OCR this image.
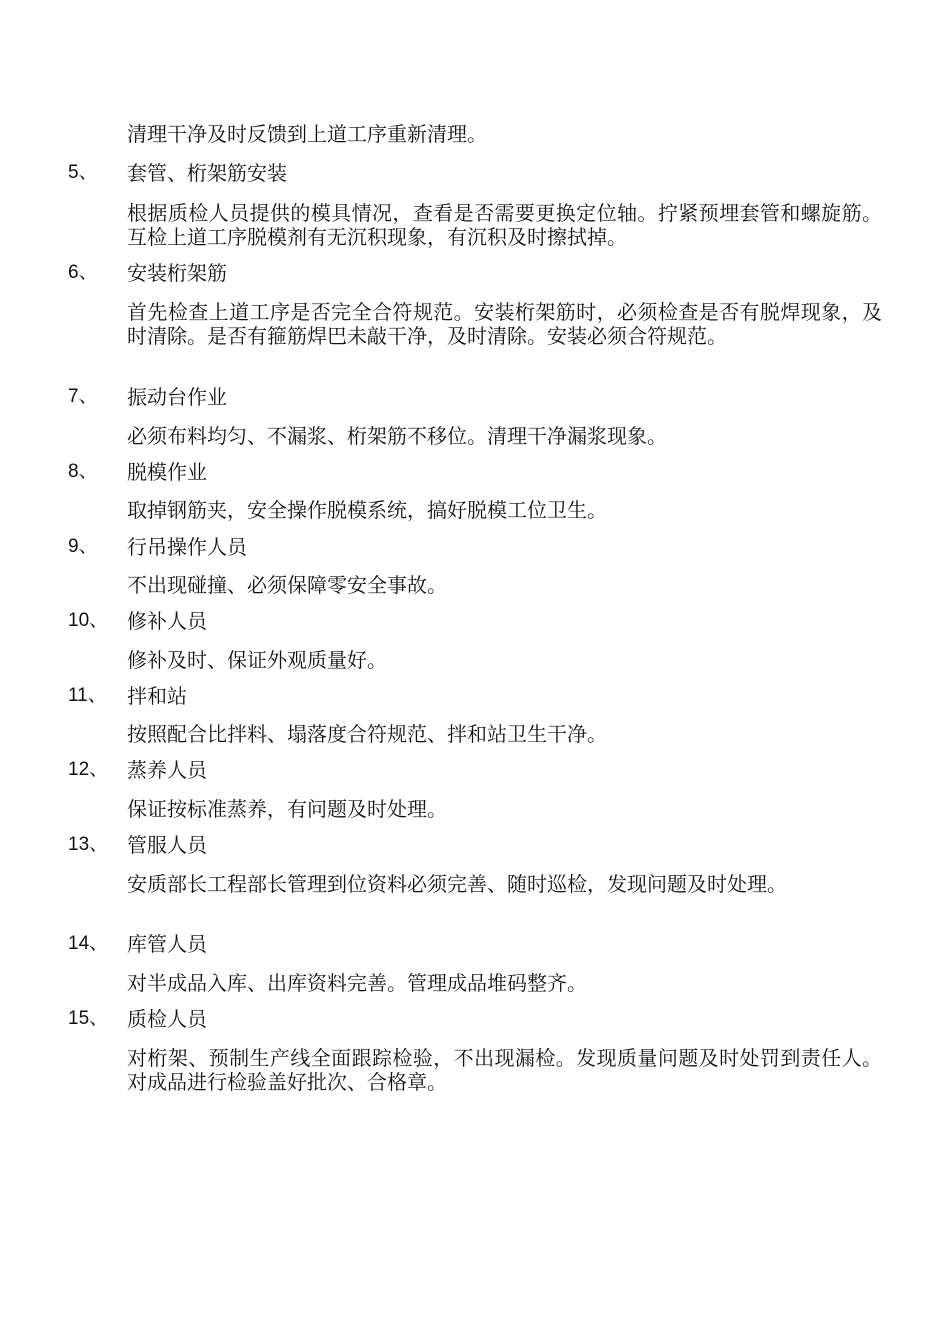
清理干净及时反馈到上道工序重新清理。
5、 套管、桁架筋安装
根据质检人员提供的模具情况，查看是否需要更换定位轴。拧紧预埋套管和螺旋筋。互检上道工序脱模剂有无沉积现象，有沉积及时擦拭掉。
6、 安装桁架筋
首先检查上道工序是否完全合符规范。安装桁架筋时，必须检查是否有脱焊现象，及时清除。是否有箍筋焊巴未敲干净，及时清除。安装必须合符规范。
7、 振动台作业
必须布料均匀、不漏浆、桁架筋不移位。清理干净漏浆现象。
8、 脱模作业
取掉钢筋夹，安全操作脱模系统，搞好脱模工位卫生。
9、 行吊操作人员
不出现碰撞、必须保障零安全事故。
10、 修补人员
修补及时、保证外观质量好。
11、 拌和站
按照配合比拌料、塌落度合符规范、拌和站卫生干净。
12、 蒸养人员
保证按标准蒸养，有问题及时处理。
13、 管服人员
安质部长工程部长管理到位资料必须完善、随时巡检，发现问题及时处理。
14、 库管人员
对半成品入库、出库资料完善。管理成品堆码整齐。
15、 质检人员
对桁架、预制生产线全面跟踪检验，不出现漏检。发现质量问题及时处罚到责任人。对成品进行检验盖好批次、合格章。
